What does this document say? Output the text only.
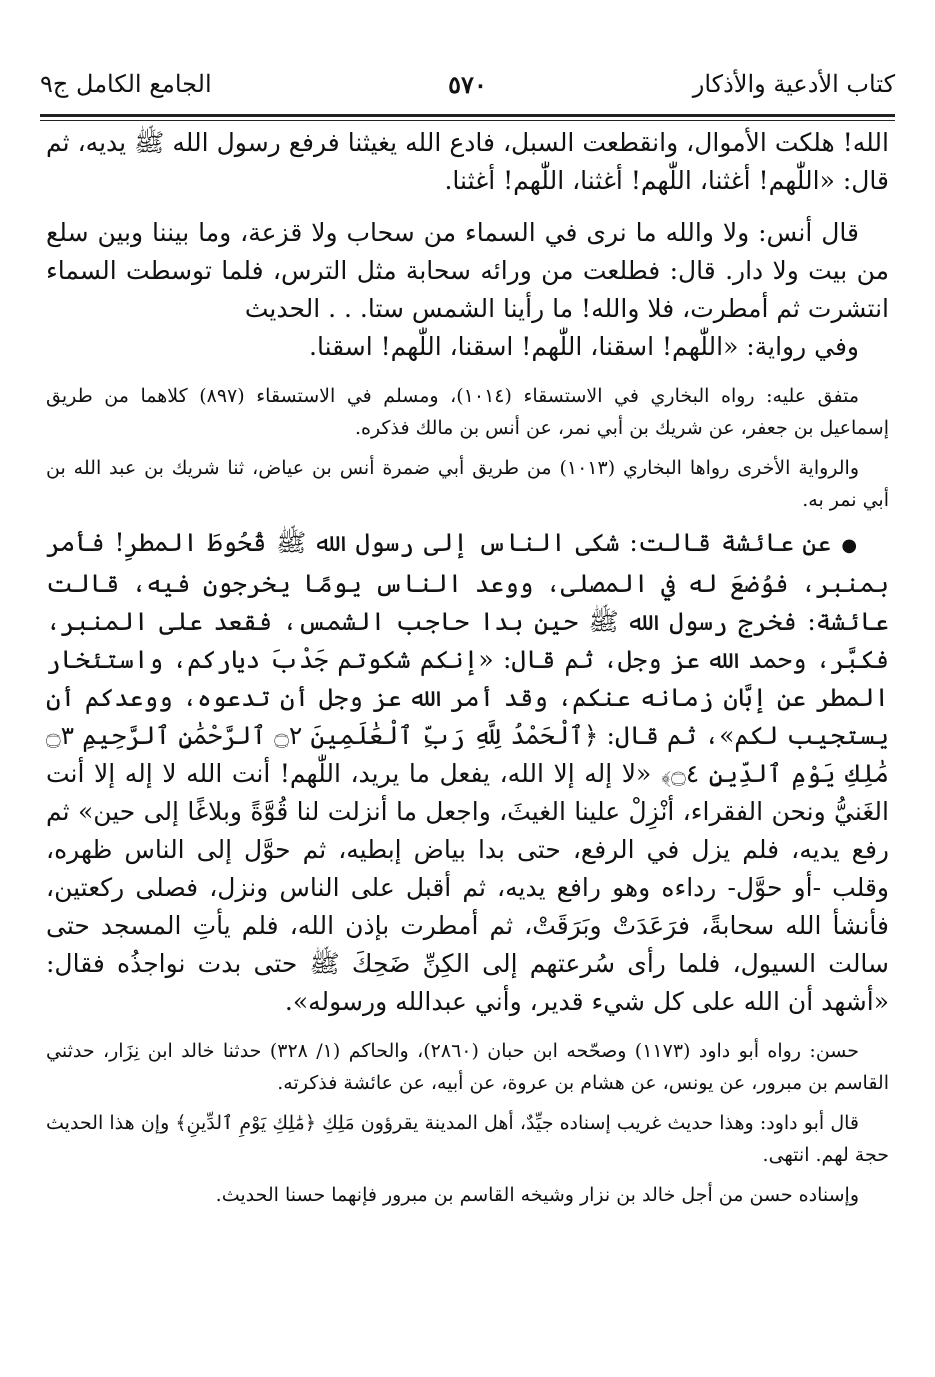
كتاب الأدعية والأذكار
٥٧٠
الجامع الكامل ج٩

الله! هلكت الأموال، وانقطعت السبل، فادع الله يغيثنا فرفع رسول الله ﷺ يديه، ثم قال: «اللّٰهم! أغثنا، اللّٰهم! أغثنا، اللّٰهم! أغثنا.

قال أنس: ولا والله ما نرى في السماء من سحاب ولا قزعة، وما بيننا وبين سلع من بيت ولا دار. قال: فطلعت من ورائه سحابة مثل الترس، فلما توسطت السماء انتشرت ثم أمطرت، فلا والله! ما رأينا الشمس ستا. . . الحديث

وفي رواية: «اللّٰهم! اسقنا، اللّٰهم! اسقنا، اللّٰهم! اسقنا.

متفق عليه: رواه البخاري في الاستسقاء (١٠١٤)، ومسلم في الاستسقاء (٨٩٧) كلاهما من طريق إسماعيل بن جعفر، عن شريك بن أبي نمر، عن أنس بن مالك فذكره.

والرواية الأخرى رواها البخاري (١٠١٣) من طريق أبي ضمرة أنس بن عياض، ثنا شريك بن عبد الله بن أبي نمر به.

● عن عائشة قالت: شكى الناس إلى رسول الله ﷺ قُحُوطَ المطرِ! فأمر بمنبر، فوُضعَ له في المصلى، ووعد الناس يومًا يخرجون فيه، قالت عائشة: فخرج رسول الله ﷺ حين بدا حاجب الشمس، فقعد على المنبر، فكبَّر، وحمد الله عز وجل، ثم قال: «إنكم شكوتم جَدْبَ دياركم، واستئخار المطر عن إبَّان زمانه عنكم، وقد أمر الله عز وجل أن تدعوه، ووعدكم أن يستجيب لكم»، ثم قال: ﴿ٱلْحَمْدُ لِلَّهِ رَبِّ ٱلْعَٰلَمِينَ ۝٢ ٱلرَّحْمَٰنِ ٱلرَّحِيمِ ۝٣ مَٰلِكِ يَوْمِ ٱلدِّينِ ۝٤﴾ «لا إله إلا الله، يفعل ما يريد، اللّٰهم! أنت الله لا إله إلا أنت الغَنيُّ ونحن الفقراء، أنْزِلْ علينا الغيثَ، واجعل ما أنزلت لنا قُوَّةً وبلاغًا إلى حين» ثم رفع يديه، فلم يزل في الرفع، حتى بدا بياض إبطيه، ثم حوَّل إلى الناس ظهره، وقلب -أو حوَّل- رداءه وهو رافع يديه، ثم أقبل على الناس ونزل، فصلى ركعتين، فأنشأ الله سحابةً، فرَعَدَتْ وبَرَقَتْ، ثم أمطرت بإذن الله، فلم يأتِ المسجد حتى سالت السيول، فلما رأى سُرعتهم إلى الكِنِّ ضَحِكَ ﷺ حتى بدت نواجذُه فقال: «أشهد أن الله على كل شيء قدير، وأني عبدالله ورسوله».

حسن: رواه أبو داود (١١٧٣) وصحّحه ابن حبان (٢٨٦٠)، والحاكم (١/ ٣٢٨) حدثنا خالد ابن نِزَار، حدثني القاسم بن مبرور، عن يونس، عن هشام بن عروة، عن أبيه، عن عائشة فذكرته.

قال أبو داود: وهذا حديث غريب إسناده جيِّدٌ، أهل المدينة يقرؤون مَلِكِ ﴿مَٰلِكِ يَوْمِ ٱلدِّينِ﴾ وإن هذا الحديث حجة لهم. انتهى.

وإسناده حسن من أجل خالد بن نزار وشيخه القاسم بن مبرور فإنهما حسنا الحديث.
